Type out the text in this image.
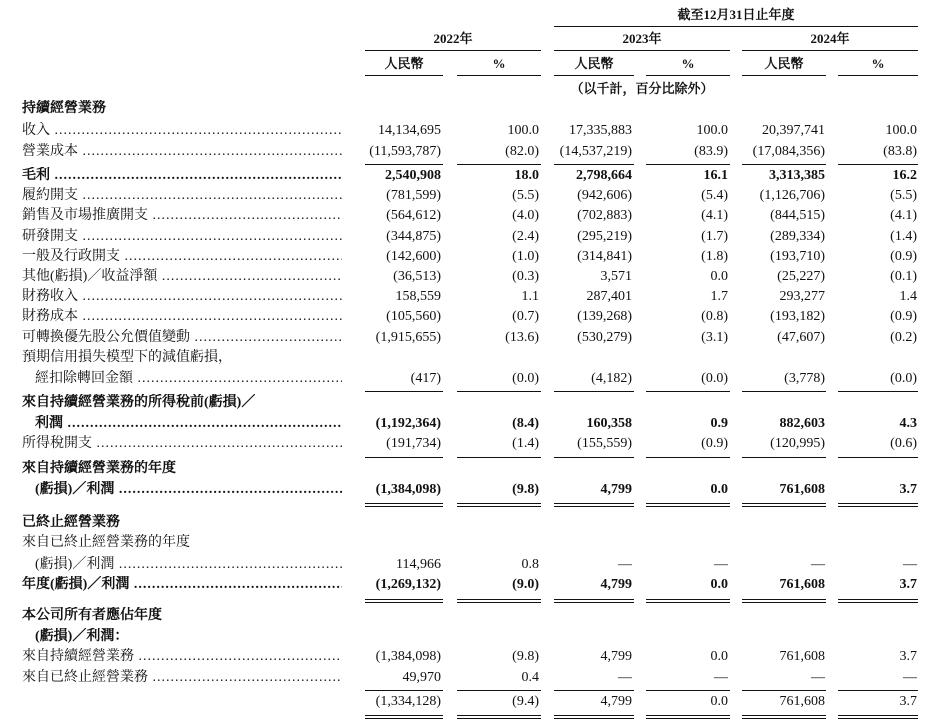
截至12月31日止年度
2022年	2023年	2024年
人民幣	%	人民幣	%	人民幣	%
（以千計，百分比除外）
持續經營業務
收入 .....	14,134,695	100.0 17,335,883	100.0 20,397,741	100.0
營業成本 .....	(11,593,787)	(82.0) (14,537,219)	(83.9) (17,084,356)	(83.8)
毛利 .....	2,540,908	18.0	2,798,664	16.1	3,313,385	16.2
履約開支 .....	(781,599)	(5.5)	(942,606)	(5.4) (1,126,706)	(5.5)
銷售及市場推廣開支 .....	(564,612)	(4.0)	(702,883)	(4.1)	(844,515)	(4.1)
研發開支 .....	(344,875)	(2.4)	(295,219)	(1.7)	(289,334)	(1.4)
一般及行政開支 .....	(142,600)	(1.0)	(314,841)	(1.8)	(193,710)	(0.9)
其他(虧損)／收益淨額 .....	(36,513)	(0.3)	3,571	0.0	(25,227)	(0.1)
財務收入 .....	158,559	1.1	287,401	1.7	293,277	1.4
財務成本 .....	(105,560)	(0.7)	(139,268)	(0.8)	(193,182)	(0.9)
可轉換優先股公允價值變動 .....	(1,915,655)	(13.6)	(530,279)	(3.1)	(47,607)	(0.2)
預期信用損失模型下的減值虧損，
經扣除轉回金額 .....	(417)	(0.0)	(4,182)	(0.0)	(3,778)	(0.0)
來自持續經營業務的所得稅前(虧損)／
利潤 .....	(1,192,364)	(8.4)	160,358	0.9	882,603	4.3
所得稅開支 .....	(191,734)	(1.4)	(155,559)	(0.9)	(120,995)	(0.6)
來自持續經營業務的年度
(虧損)／利潤 .....	(1,384,098)	(9.8)	4,799	0.0	761,608	3.7
已終止經營業務
來自已終止經營業務的年度
(虧損)／利潤 .....	114,966	0.8	—	—	—	—
年度(虧損)／利潤 .....	(1,269,132)	(9.0)	4,799	0.0	761,608	3.7
本公司所有者應佔年度
(虧損)／利潤：
來自持續經營業務 .....	(1,384,098)	(9.8)	4,799	0.0	761,608	3.7
來自已終止經營業務 .....	49,970	0.4	—	—	—	—
(1,334,128)	(9.4)	4,799	0.0	761,608	3.7
